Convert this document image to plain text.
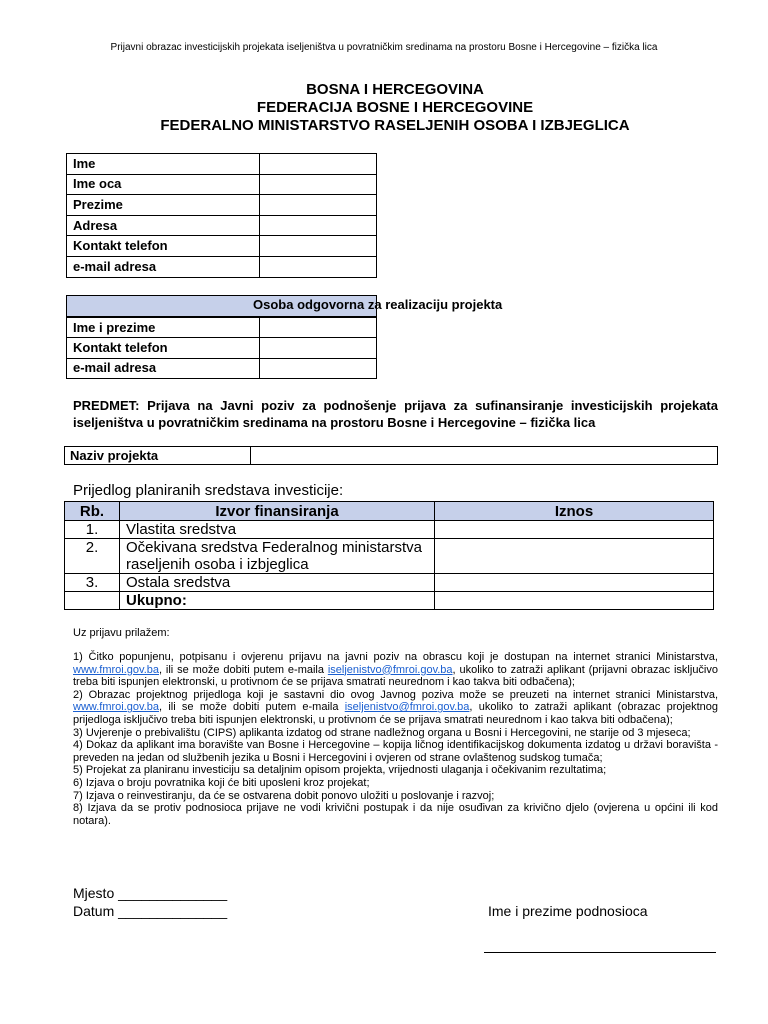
Prijavni obrazac investicijskih projekata iseljeništva u povratničkim sredinama na prostoru Bosne i Hercegovine – fizička lica
BOSNA I HERCEGOVINA
FEDERACIJA BOSNE I HERCEGOVINE
FEDERALNO MINISTARSTVO RASELJENIH OSOBA I IZBJEGLICA
Ime	
Ime oca	
Prezime	
Adresa	
Kontakt telefon	
e-mail adresa	
Osoba odgovorna za realizaciju projekta
Ime i prezime	
Kontakt telefon	
e-mail adresa	
PREDMET: Prijava na Javni poziv za podnošenje prijava za sufinansiranje investicijskih projekata iseljeništva u povratničkim sredinama na prostoru Bosne i Hercegovine – fizička lica
Naziv projekta	
Prijedlog planiranih sredstava investicije:
Rb.	Izvor finansiranja	Iznos
1.	Vlastita sredstva	
2.	Očekivana sredstva Federalnog ministarstva raseljenih osoba i izbjeglica	
3.	Ostala sredstva	
	Ukupno:	
Uz prijavu prilažem:

1) Čitko popunjenu, potpisanu i ovjerenu prijavu na javni poziv na obrascu koji je dostupan na internet stranici Ministarstva, www.fmroi.gov.ba, ili se može dobiti putem e-maila iseljenistvo@fmroi.gov.ba, ukoliko to zatraži aplikant (prijavni obrazac isključivo treba biti ispunjen elektronski, u protivnom će se prijava smatrati neurednom i kao takva biti odbačena);

2) Obrazac projektnog prijedloga koji je sastavni dio ovog Javnog poziva može se preuzeti na internet stranici Ministarstva, www.fmroi.gov.ba, ili se može dobiti putem e-maila iseljenistvo@fmroi.gov.ba, ukoliko to zatraži aplikant (obrazac projektnog prijedloga isključivo treba biti ispunjen elektronski, u protivnom će se prijava smatrati neurednom i kao takva biti odbačena);

3) Uvjerenje o prebivalištu (CIPS) aplikanta izdatog od strane nadležnog organa u Bosni i Hercegovini, ne starije od 3 mjeseca;

4) Dokaz da aplikant ima boravište van Bosne i Hercegovine – kopija ličnog identifikacijskog dokumenta izdatog u državi boravišta - preveden na jedan od službenih jezika u Bosni i Hercegovini i ovjeren od strane ovlaštenog sudskog tumača;

5) Projekat za planiranu investiciju sa detaljnim opisom projekta, vrijednosti ulaganja i očekivanim rezultatima;

6) Izjava o broju povratnika koji će biti uposleni kroz projekat;

7) Izjava o reinvestiranju, da će se ostvarena dobit ponovo uložiti u poslovanje i razvoj;

8) Izjava da se protiv podnosioca prijave ne vodi krivični postupak i da nije osuđivan za krivično djelo (ovjerena u općini ili kod notara).

Mjesto ______________
Datum ______________	Ime i prezime podnosioca
